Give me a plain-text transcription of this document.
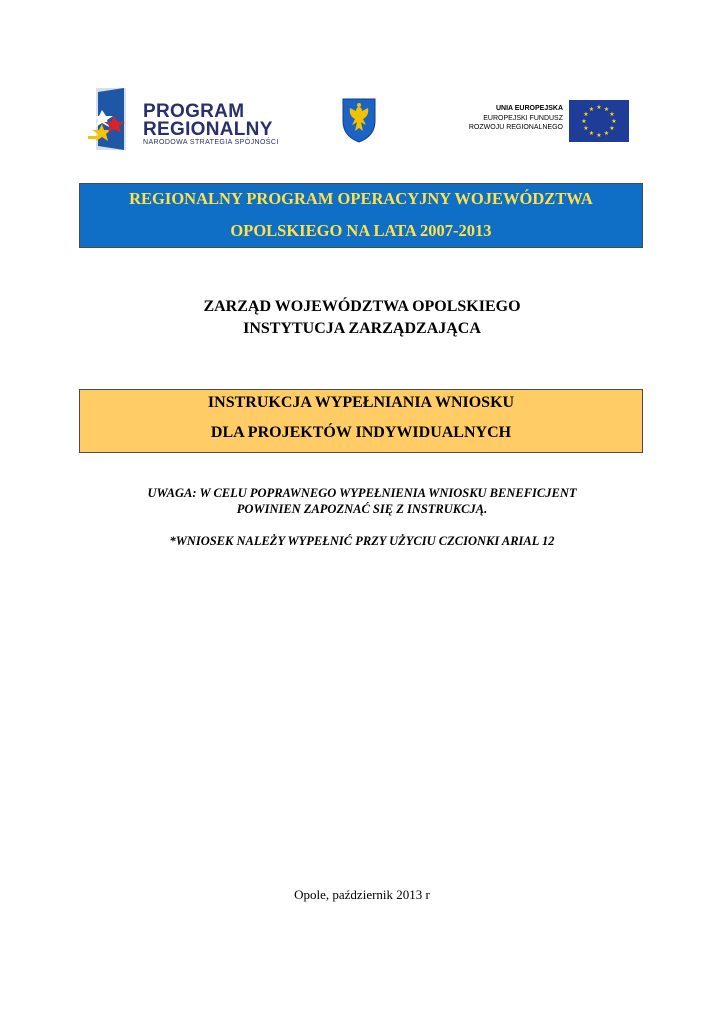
PROGRAM
REGIONALNY
NARODOWA STRATEGIA SPÓJNOŚCI
UNIA EUROPEJSKA
EUROPEJSKI FUNDUSZ
ROZWOJU REGIONALNEGO
★ ★
★
★
★
★
★
★
★
★
★
★
REGIONALNY PROGRAM OPERACYJNY WOJEWÓDZTWA
OPOLSKIEGO NA LATA 2007-2013
ZARZĄD WOJEWÓDZTWA OPOLSKIEGO
INSTYTUCJA ZARZĄDZAJĄCA
INSTRUKCJA WYPEŁNIANIA WNIOSKU
DLA PROJEKTÓW INDYWIDUALNYCH
UWAGA: W CELU POPRAWNEGO WYPEŁNIENIA WNIOSKU BENEFICJENT
POWINIEN ZAPOZNAĆ SIĘ Z INSTRUKCJĄ.
*WNIOSEK NALEŻY WYPEŁNIĆ PRZY UŻYCIU CZCIONKI ARIAL 12
Opole, październik 2013 r
